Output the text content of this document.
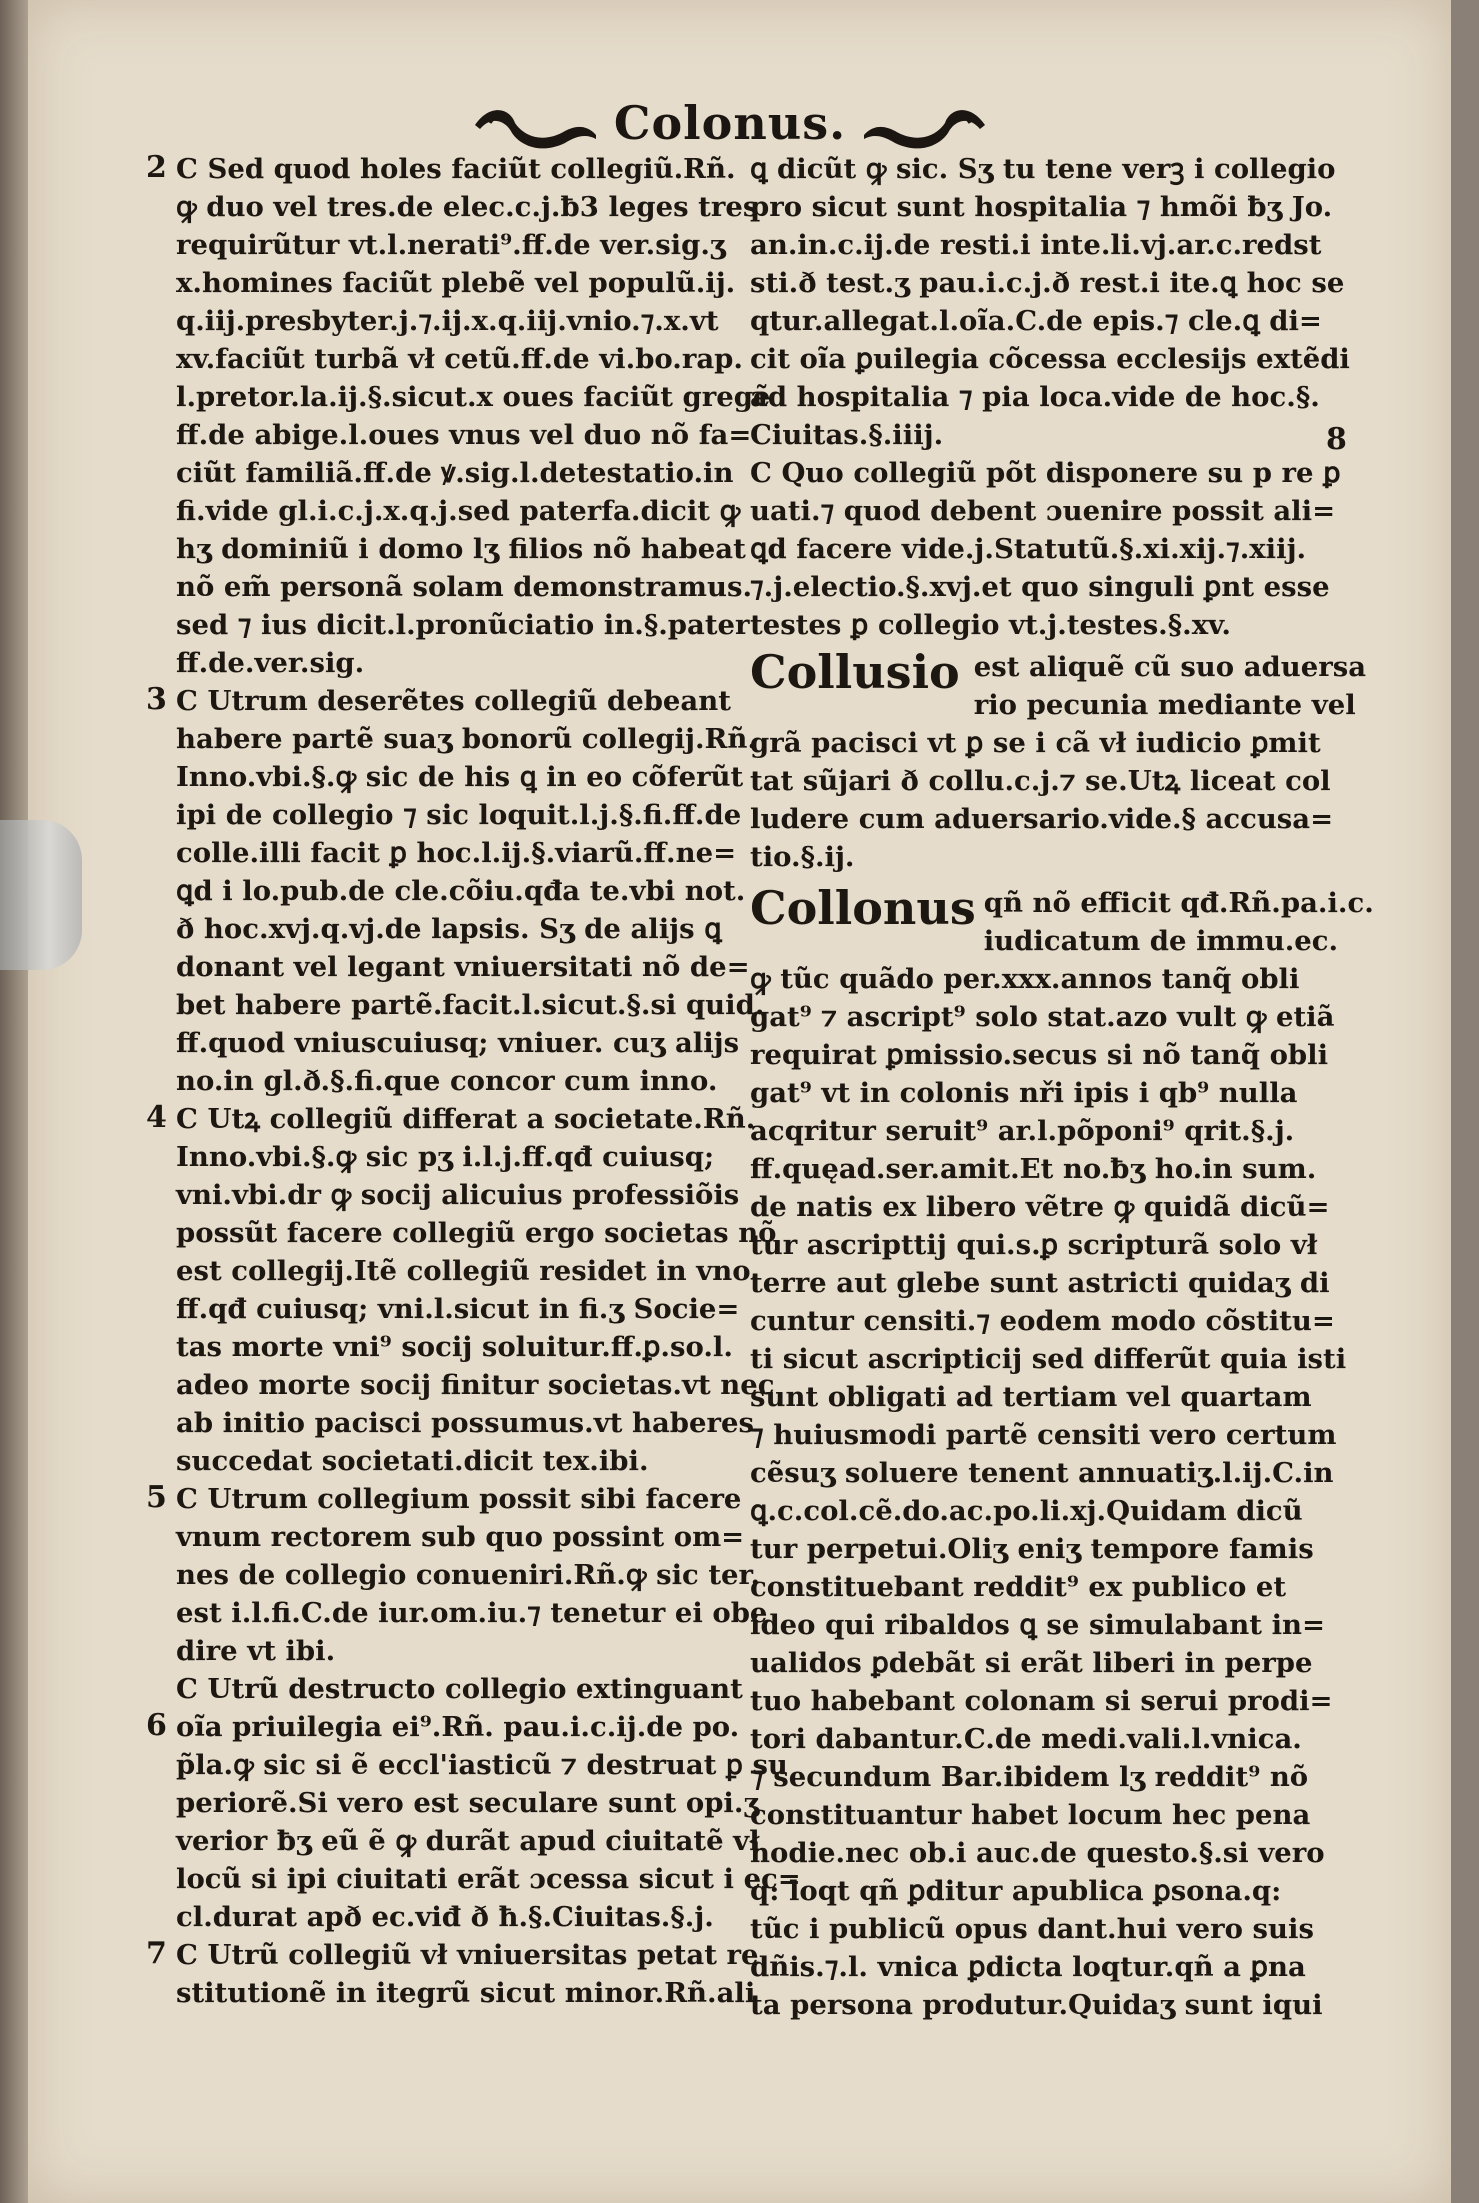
Colonus.
2
3
4
5
6
7
8
C Sed quod holes faciũt collegiũ.Rñ.
ꝙ duo vel tres.de elec.c.j.ƀ3 leges tres
requirũtur vt.l.nerati⁹.ff.de ver.sig.ʒ
x.homines faciũt plebẽ vel populũ.ij.
q.iij.presbyter.j.⁊.ij.x.q.iij.vnio.⁊.x.vt
xv.faciũt turbã vł cetũ.ff.de vi.bo.rap.
l.pretor.la.ij.§.sicut.x oues faciũt gregẽ
ff.de abige.l.oues vnus vel duo nõ fa=
ciũt familiã.ff.de ꝟ.sig.l.detestatio.in
fi.vide gl.i.c.j.x.q.j.sed paterfa.dicit ꝙ
hʒ dominiũ i domo lʒ filios nõ habeat
nõ em̃ personã solam demonstramus.
sed ⁊ ius dicit.l.pronũciatio in.§.pater
ff.de.ver.sig.
C Utrum deserẽtes collegiũ debeant
habere partẽ suaʒ bonorũ collegij.Rñ.
Inno.vbi.§.ꝙ sic de his ꝗ in eo cõferũt
ipi de collegio ⁊ sic loquit.l.j.§.fi.ff.de
colle.illi facit ꝑ hoc.l.ij.§.viarũ.ff.ne=
ꝗd i lo.pub.de cle.cõiu.qđa te.vbi not.
ð hoc.xvj.q.vj.de lapsis. Sʒ de alijs ꝗ
donant vel legant vniuersitati nõ de=
bet habere partẽ.facit.l.sicut.§.si quid.
ff.quod vniuscuiusq; vniuer. cuʒ alijs
no.in gl.ð.§.fi.que concor cum inno.
C Utꝝ collegiũ differat a societate.Rñ.
Inno.vbi.§.ꝙ sic pʒ i.l.j.ff.qđ cuiusq;
vni.vbi.dr ꝙ socij alicuius professiõis
possũt facere collegiũ ergo societas nõ
est collegij.Itẽ collegiũ residet in vno.
ff.qđ cuiusq; vni.l.sicut in fi.ʒ Socie=
tas morte vni⁹ socij soluitur.ff.ꝑ.so.l.
adeo morte socij finitur societas.vt nec
ab initio pacisci possumus.vt haberes
succedat societati.dicit tex.ibi.
C Utrum collegium possit sibi facere
vnum rectorem sub quo possint om=
nes de collegio conueniri.Rñ.ꝙ sic ter.
est i.l.fi.C.de iur.om.iu.⁊ tenetur ei obe
dire vt ibi.
C Utrũ destructo collegio extinguant
oĩa priuilegia ei⁹.Rñ. pau.i.c.ij.de po.
p̃la.ꝙ sic si ẽ eccl'iasticũ ⁊ destruat ꝑ su
periorẽ.Si vero est seculare sunt opi.ʒ
verior ƀʒ eũ ẽ ꝙ durãt apud ciuitatẽ vł
locũ si ipi ciuitati erãt ɔcessa sicut i ec=
cl.durat apð ec.viđ ð ħ.§.Ciuitas.§.j.
C Utrũ collegiũ vł vniuersitas petat re
stitutionẽ in itegrũ sicut minor.Rñ.ali
ꝗ dicũt ꝙ sic. Sʒ tu tene verꝫ i collegio
pro sicut sunt hospitalia ⁊ hmõi ƀʒ Jo.
an.in.c.ij.de resti.i inte.li.vj.ar.c.redst
sti.ð test.ʒ pau.i.c.j.ð rest.i ite.ꝗ hoc se
qtur.allegat.l.oĩa.C.de epis.⁊ cle.ꝗ di=
cit oĩa ꝑuilegia cõcessa ecclesijs extẽdi
ad hospitalia ⁊ pia loca.vide de hoc.§.
Ciuitas.§.iiij.
C Quo collegiũ põt disponere su p re ꝑ
uati.⁊ quod debent ɔuenire possit ali=
ꝗd facere vide.j.Statutũ.§.xi.xij.⁊.xiij.
⁊.j.electio.§.xvj.et quo singuli ꝑnt esse
testes ꝑ collegio vt.j.testes.§.xv.
Collusio est aliquẽ cũ suo aduersa
rio pecunia mediante vel
grã pacisci vt ꝑ se i cã vł iudicio ꝑmit
tat sũjari ð collu.c.j.⁊ se.Utꝝ liceat col
ludere cum aduersario.vide.§ accusa=
tio.§.ij.
Collonus qñ nõ efficit qđ.Rñ.pa.i.c.
iudicatum de immu.ec.
ꝙ tũc quãdo per.xxx.annos tanq̃ obli
gat⁹ ⁊ ascript⁹ solo stat.azo vult ꝙ etiã
requirat ꝑmissio.secus si nõ tanq̃ obli
gat⁹ vt in colonis nři ipis i qb⁹ nulla
acqritur seruit⁹ ar.l.põponi⁹ qrit.§.j.
ff.quęad.ser.amit.Et no.ƀʒ ho.in sum.
de natis ex libero vẽtre ꝙ quidã dicũ=
tur ascripttij qui.s.ꝑ scripturã solo vł
terre aut glebe sunt astricti quidaʒ di
cuntur censiti.⁊ eodem modo cõstitu=
ti sicut ascripticij sed differũt quia isti
sunt obligati ad tertiam vel quartam
⁊ huiusmodi partẽ censiti vero certum
cẽsuʒ soluere tenent annuatiʒ.l.ij.C.in
ꝗ.c.col.cẽ.do.ac.po.li.xj.Quidam dicũ
tur perpetui.Oliʒ eniʒ tempore famis
constituebant reddit⁹ ex publico et
ideo qui ribaldos ꝗ se simulabant in=
ualidos ꝑdebãt si erãt liberi in perpe
tuo habebant colonam si serui prodi=
tori dabantur.C.de medi.vali.l.vnica.
⁊ secundum Bar.ibidem lʒ reddit⁹ nõ
constituantur habet locum hec pena
hodie.nec ob.i auc.de questo.§.si vero
q: loqt qñ ꝑditur apublica ꝑsona.q:
tũc i publicũ opus dant.hui vero suis
dñis.⁊.l. vnica ꝑdicta loqtur.qñ a ꝑna
ta persona produtur.Quidaʒ sunt iqui
